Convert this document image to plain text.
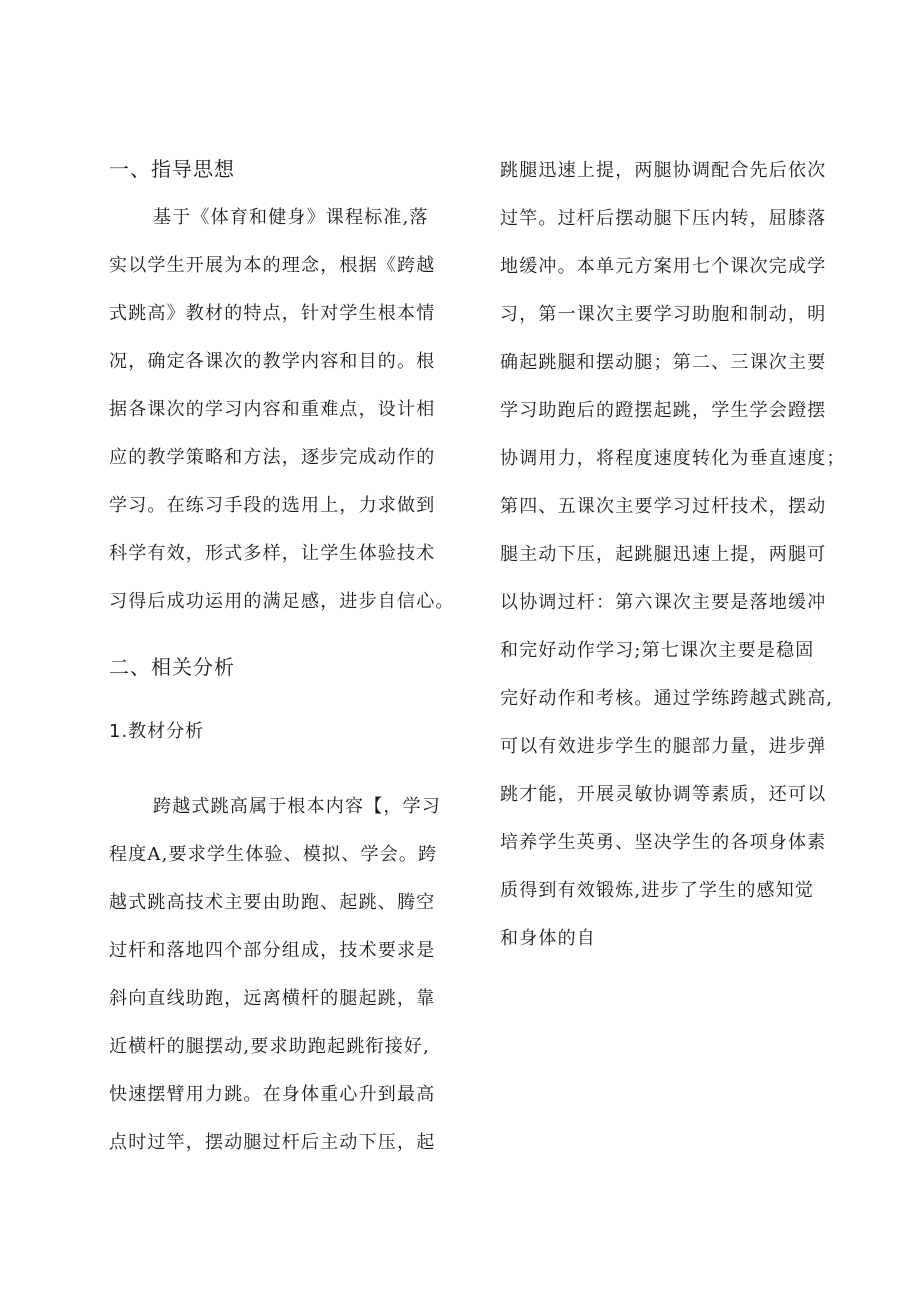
一、指导思想
基于《体育和健身》课程标准,落
实以学生开展为本的理念，根据《跨越
式跳高》教材的特点，针对学生根本情
况，确定各课次的教学内容和目的。根
据各课次的学习内容和重难点，设计相
应的教学策略和方法，逐步完成动作的
学习。在练习手段的选用上，力求做到
科学有效，形式多样，让学生体验技术
习得后成功运用的满足感，进步自信心。
二、相关分析
1.教材分析
跨越式跳高属于根本内容【，学习
程度A,要求学生体验、模拟、学会。跨
越式跳高技术主要由助跑、起跳、腾空
过杆和落地四个部分组成，技术要求是
斜向直线助跑，远离横杆的腿起跳，靠
近横杆的腿摆动,要求助跑起跳衔接好,
快速摆臂用力跳。在身体重心升到最高
点时过竿，摆动腿过杆后主动下压，起
跳腿迅速上提，两腿协调配合先后依次
过竿。过杆后摆动腿下压内转，屈膝落
地缓冲。本单元方案用七个课次完成学
习，第一课次主要学习助胞和制动，明
确起跳腿和摆动腿；第二、三课次主要
学习助跑后的蹬摆起跳，学生学会蹬摆
协调用力，将程度速度转化为垂直速度；
第四、五课次主要学习过杆技术，摆动
腿主动下压，起跳腿迅速上提，两腿可
以协调过杆：第六课次主要是落地缓冲
和完好动作学习;第七课次主要是稳固
完好动作和考核。通过学练跨越式跳高,
可以有效进步学生的腿部力量，进步弹
跳才能，开展灵敏协调等素质，还可以
培养学生英勇、坚决学生的各项身体素
质得到有效锻炼,进步了学生的感知觉
和身体的自
